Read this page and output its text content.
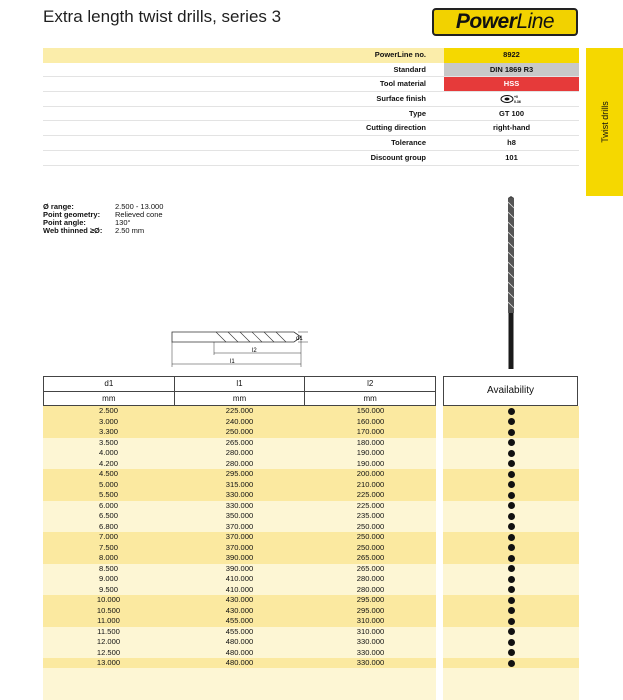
Extra length twist drills, series 3	Power Line
Twist drills
PowerLine no.	8922
Standard	DIN 1869 R3
Tool material	HSS
Surface finish	+0
0.36
Type	GT 100
Cutting direction	right-hand
Tolerance	h8
Discount group	101
Ø range:	2.500 - 13.000
Point geometry:	Relieved cone
Point angle:	130°
Web thinned ≥Ø:	2.50 mm
d1
l2
l1
d1	l1	l2
mm	mm	mm
Availability
2.500	225.000	150.000
3.000	240.000	160.000
3.300	250.000	170.000
3.500	265.000	180.000
4.000	280.000	190.000
4.200	280.000	190.000
4.500	295.000	200.000
5.000	315.000	210.000
5.500	330.000	225.000
6.000	330.000	225.000
6.500	350.000	235.000
6.800	370.000	250.000
7.000	370.000	250.000
7.500	370.000	250.000
8.000	390.000	265.000
8.500	390.000	265.000
9.000	410.000	280.000
9.500	410.000	280.000
10.000	430.000	295.000
10.500	430.000	295.000
11.000	455.000	310.000
11.500	455.000	310.000
12.000	480.000	330.000
12.500	480.000	330.000
13.000	480.000	330.000
